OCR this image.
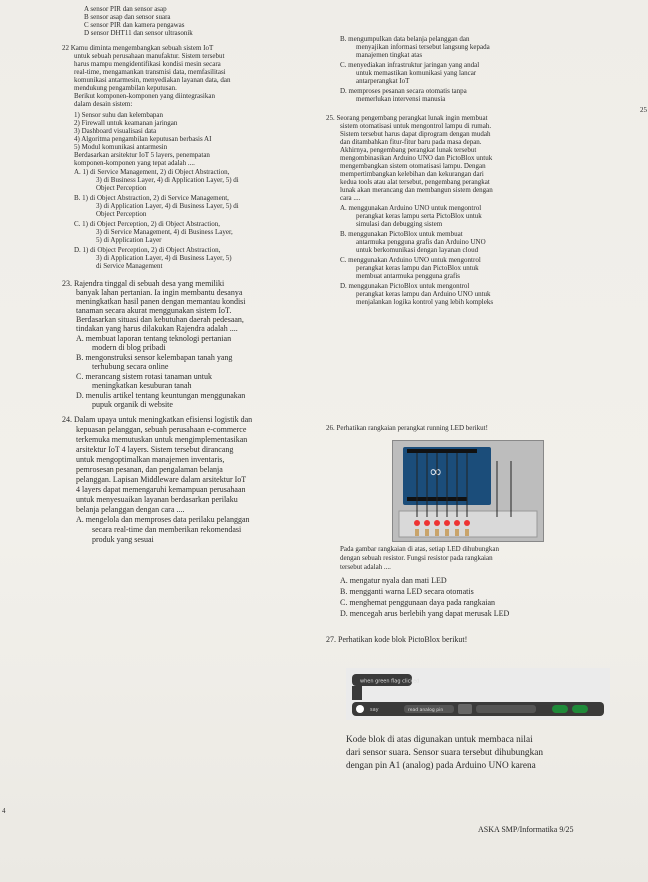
A sensor PIR dan sensor asap
B sensor asap dan sensor suara
C sensor PIR dan kamera pengawas
D sensor DHT11 dan sensor ultrasonik
22 Kamu diminta mengembangkan sebuah sistem IoT
untuk sebuah perusahaan manufaktur. Sistem tersebut
harus mampu mengidentifikasi kondisi mesin secara
real-time, mengamankan transmisi data, memfasilitasi
komunikasi antarmesin, menyediakan layanan data, dan
mendukung pengambilan keputusan.
Berikut komponen-komponen yang diintegrasikan
dalam desain sistem:
1) Sensor suhu dan kelembapan
2) Firewall untuk keamanan jaringan
3) Dashboard visualisasi data
4) Algoritma pengambilan keputusan berbasis AI
5) Modul komunikasi antarmesin
Berdasarkan arsitektur IoT 5 layers, penempatan
komponen-komponen yang tepat adalah ....
A. 1) di Service Management, 2) di Object Abstraction,
3) di Business Layer, 4) di Application Layer, 5) di
Object Perception
B. 1) di Object Abstraction, 2) di Service Management,
3) di Application Layer, 4) di Business Layer, 5) di
Object Perception
C. 1) di Object Perception, 2) di Object Abstraction,
3) di Service Management, 4) di Business Layer,
5) di Application Layer
D. 1) di Object Perception, 2) di Object Abstraction,
3) di Application Layer, 4) di Business Layer, 5)
di Service Management
23. Rajendra tinggal di sebuah desa yang memiliki
banyak lahan pertanian. Ia ingin membantu desanya
meningkatkan hasil panen dengan memantau kondisi
tanaman secara akurat menggunakan sistem IoT.
Berdasarkan situasi dan kebutuhan daerah pedesaan,
tindakan yang harus dilakukan Rajendra adalah ....
A. membuat laporan tentang teknologi pertanian
modern di blog pribadi
B. mengonstruksi sensor kelembapan tanah yang
terhubung secara online
C. merancang sistem rotasi tanaman untuk
meningkatkan kesuburan tanah
D. menulis artikel tentang keuntungan menggunakan
pupuk organik di website
24. Dalam upaya untuk meningkatkan efisiensi logistik dan
kepuasan pelanggan, sebuah perusahaan e-commerce
terkemuka memutuskan untuk mengimplementasikan
arsitektur IoT 4 layers. Sistem tersebut dirancang
untuk mengoptimalkan manajemen inventaris,
pemrosesan pesanan, dan pengalaman belanja
pelanggan. Lapisan Middleware dalam arsitektur IoT
4 layers dapat memengaruhi kemampuan perusahaan
untuk menyesuaikan layanan berdasarkan perilaku
belanja pelanggan dengan cara ....
A. mengelola dan memproses data perilaku pelanggan
secara real-time dan memberikan rekomendasi
produk yang sesuai
B. mengumpulkan data belanja pelanggan dan
menyajikan informasi tersebut langsung kepada
manajemen tingkat atas
C. menyediakan infrastruktur jaringan yang andal
untuk memastikan komunikasi yang lancar
antarperangkat IoT
D. memproses pesanan secara otomatis tanpa
memerlukan intervensi manusia
25. Seorang pengembang perangkat lunak ingin membuat
sistem otomatisasi untuk mengontrol lampu di rumah.
Sistem tersebut harus dapat diprogram dengan mudah
dan ditambahkan fitur-fitur baru pada masa depan.
Akhirnya, pengembang perangkat lunak tersebut
mengombinasikan Arduino UNO dan PictoBlox untuk
mengembangkan sistem otomatisasi lampu. Dengan
mempertimbangkan kelebihan dan kekurangan dari
kedua tools atau alat tersebut, pengembang perangkat
lunak akan merancang dan membangun sistem dengan
cara ....
A. menggunakan Arduino UNO untuk mengontrol
perangkat keras lampu serta PictoBlox untuk
simulasi dan debugging sistem
B. menggunakan PictoBlox untuk membuat
antarmuka pengguna grafis dan Arduino UNO
untuk berkomunikasi dengan layanan cloud
C. menggunakan Arduino UNO untuk mengontrol
perangkat keras lampu dan PictoBlox untuk
membuat antarmuka pengguna grafis
D. menggunakan PictoBlox untuk mengontrol
perangkat keras lampu dan Arduino UNO untuk
menjalankan logika kontrol yang lebih kompleks
26. Perhatikan rangkaian perangkat running LED berikut!
Pada gambar rangkaian di atas, setiap LED dihubungkan
dengan sebuah resistor. Fungsi resistor pada rangkaian
tersebut adalah ....
A. mengatur nyala dan mati LED
B. mengganti warna LED secara otomatis
C. menghemat penggunaan daya pada rangkaian
D. mencegah arus berlebih yang dapat merusak LED
27. Perhatikan kode blok PictoBlox berikut!
Kode blok di atas digunakan untuk membaca nilai
dari sensor suara. Sensor suara tersebut dihubungkan
dengan pin A1 (analog) pada Arduino UNO karena
25
4
∞
when green flag clicked
say	read analog pin
ASKA SMP/Informatika 9/25
